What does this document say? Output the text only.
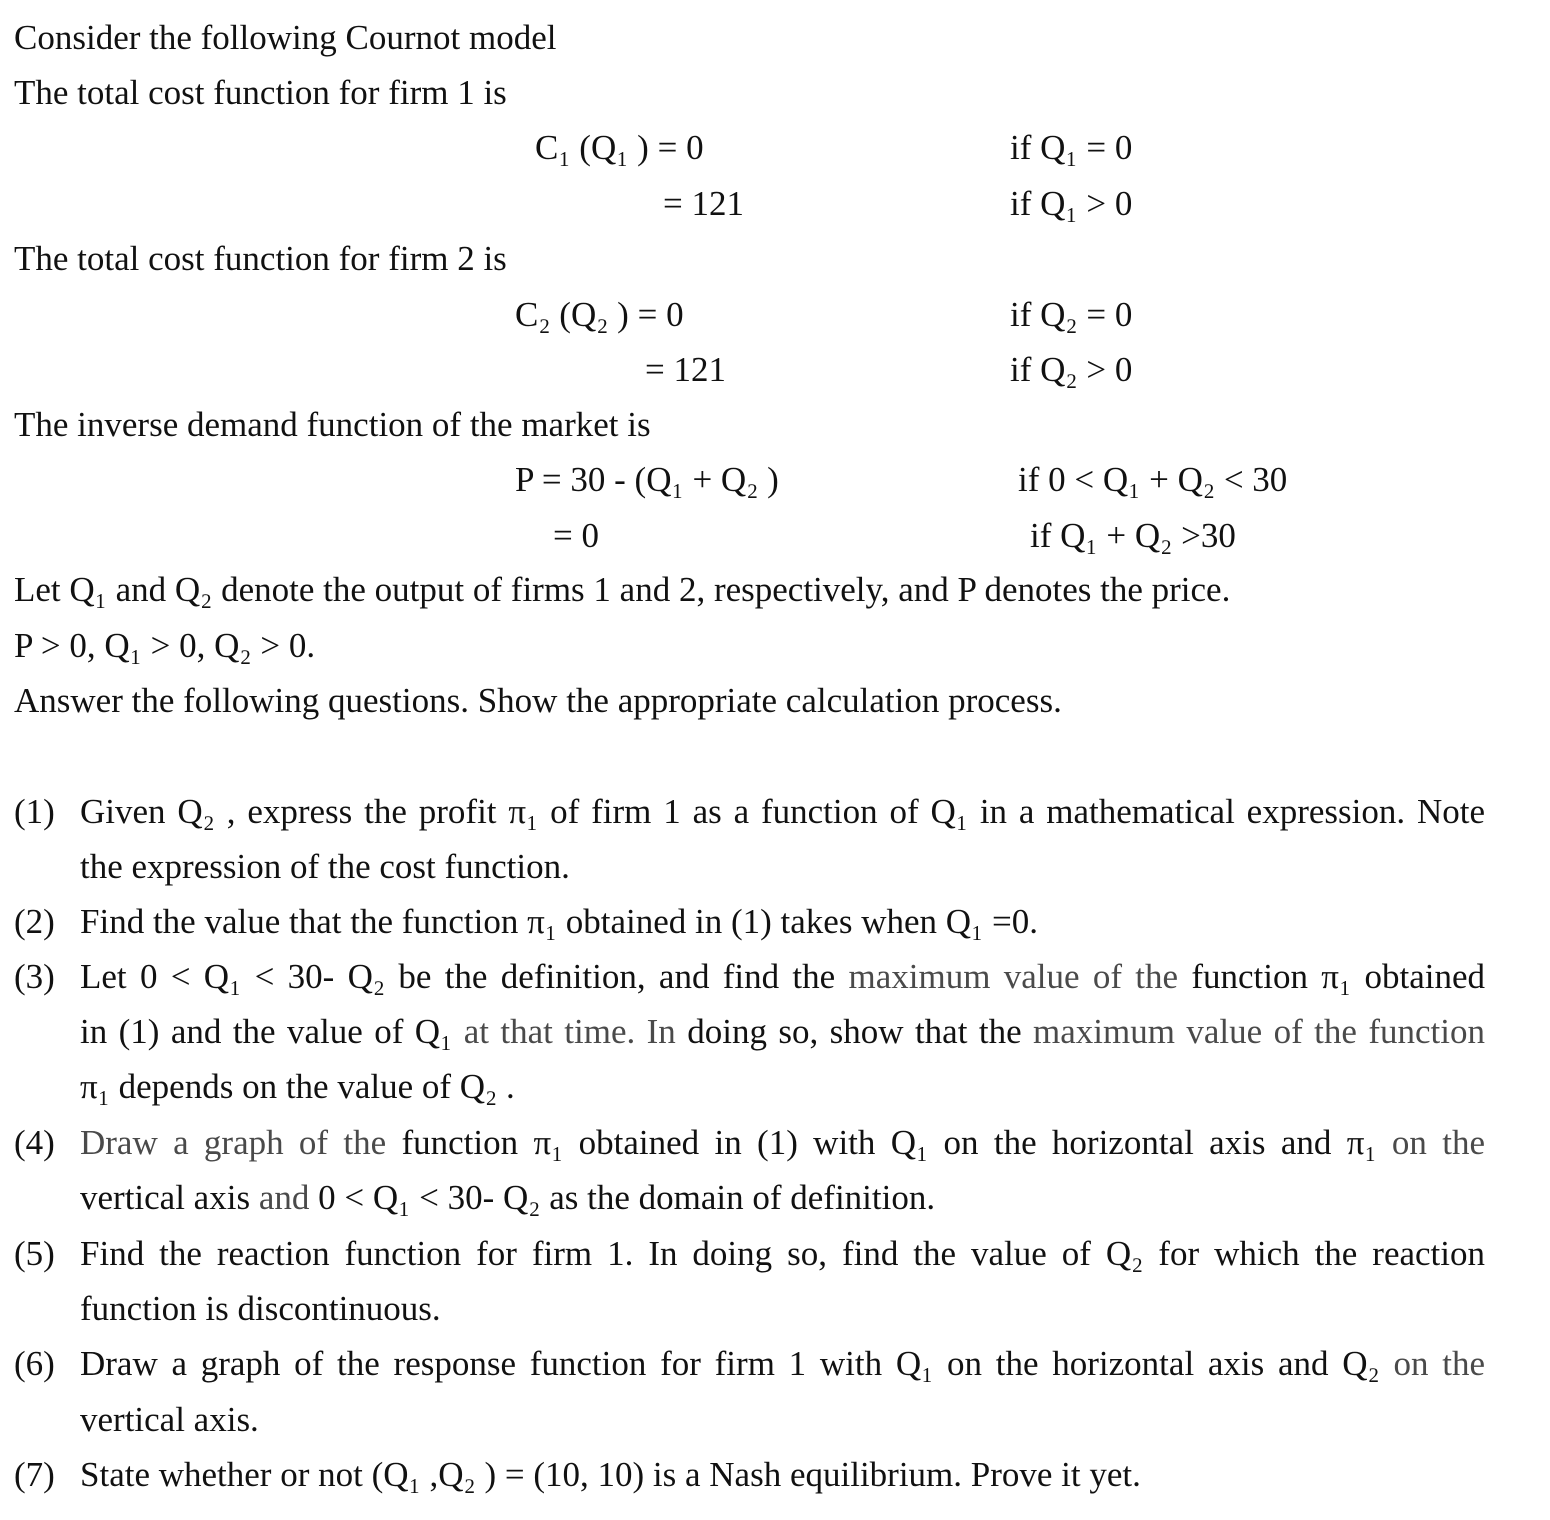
Consider the following Cournot model
The total cost function for firm 1 is
C₁ (Q₁ ) = 0	if Q₁ = 0
= 121	if Q₁ > 0
The total cost function for firm 2 is
C₂ (Q₂ ) = 0	if Q₂ = 0
= 121	if Q₂ > 0
The inverse demand function of the market is
P = 30 - (Q₁ + Q₂ )	if 0 < Q₁ + Q₂ < 30
= 0	if Q₁ + Q₂ >30
Let Q₁ and Q₂ denote the output of firms 1 and 2, respectively, and P denotes the price.
P > 0, Q₁ > 0, Q₂ > 0.
Answer the following questions. Show the appropriate calculation process.
(1) Given Q₂ , express the profit π₁ of firm 1 as a function of Q₁ in a mathematical expression. Note
the expression of the cost function.
(2) Find the value that the function π₁ obtained in (1) takes when Q₁ =0.
(3) Let 0 < Q₁ < 30- Q₂ be the definition, and find the maximum value of the function π₁ obtained
in (1) and the value of Q₁ at that time. In doing so, show that the maximum value of the function
π₁ depends on the value of Q₂ .
(4) Draw a graph of the function π₁ obtained in (1) with Q₁ on the horizontal axis and π₁ on the
vertical axis and 0 < Q₁ < 30- Q₂ as the domain of definition.
(5) Find the reaction function for firm 1. In doing so, find the value of Q₂ for which the reaction
function is discontinuous.
(6) Draw a graph of the response function for firm 1 with Q₁ on the horizontal axis and Q₂ on the
vertical axis.
(7) State whether or not (Q₁ ,Q₂ ) = (10, 10) is a Nash equilibrium. Prove it yet.
